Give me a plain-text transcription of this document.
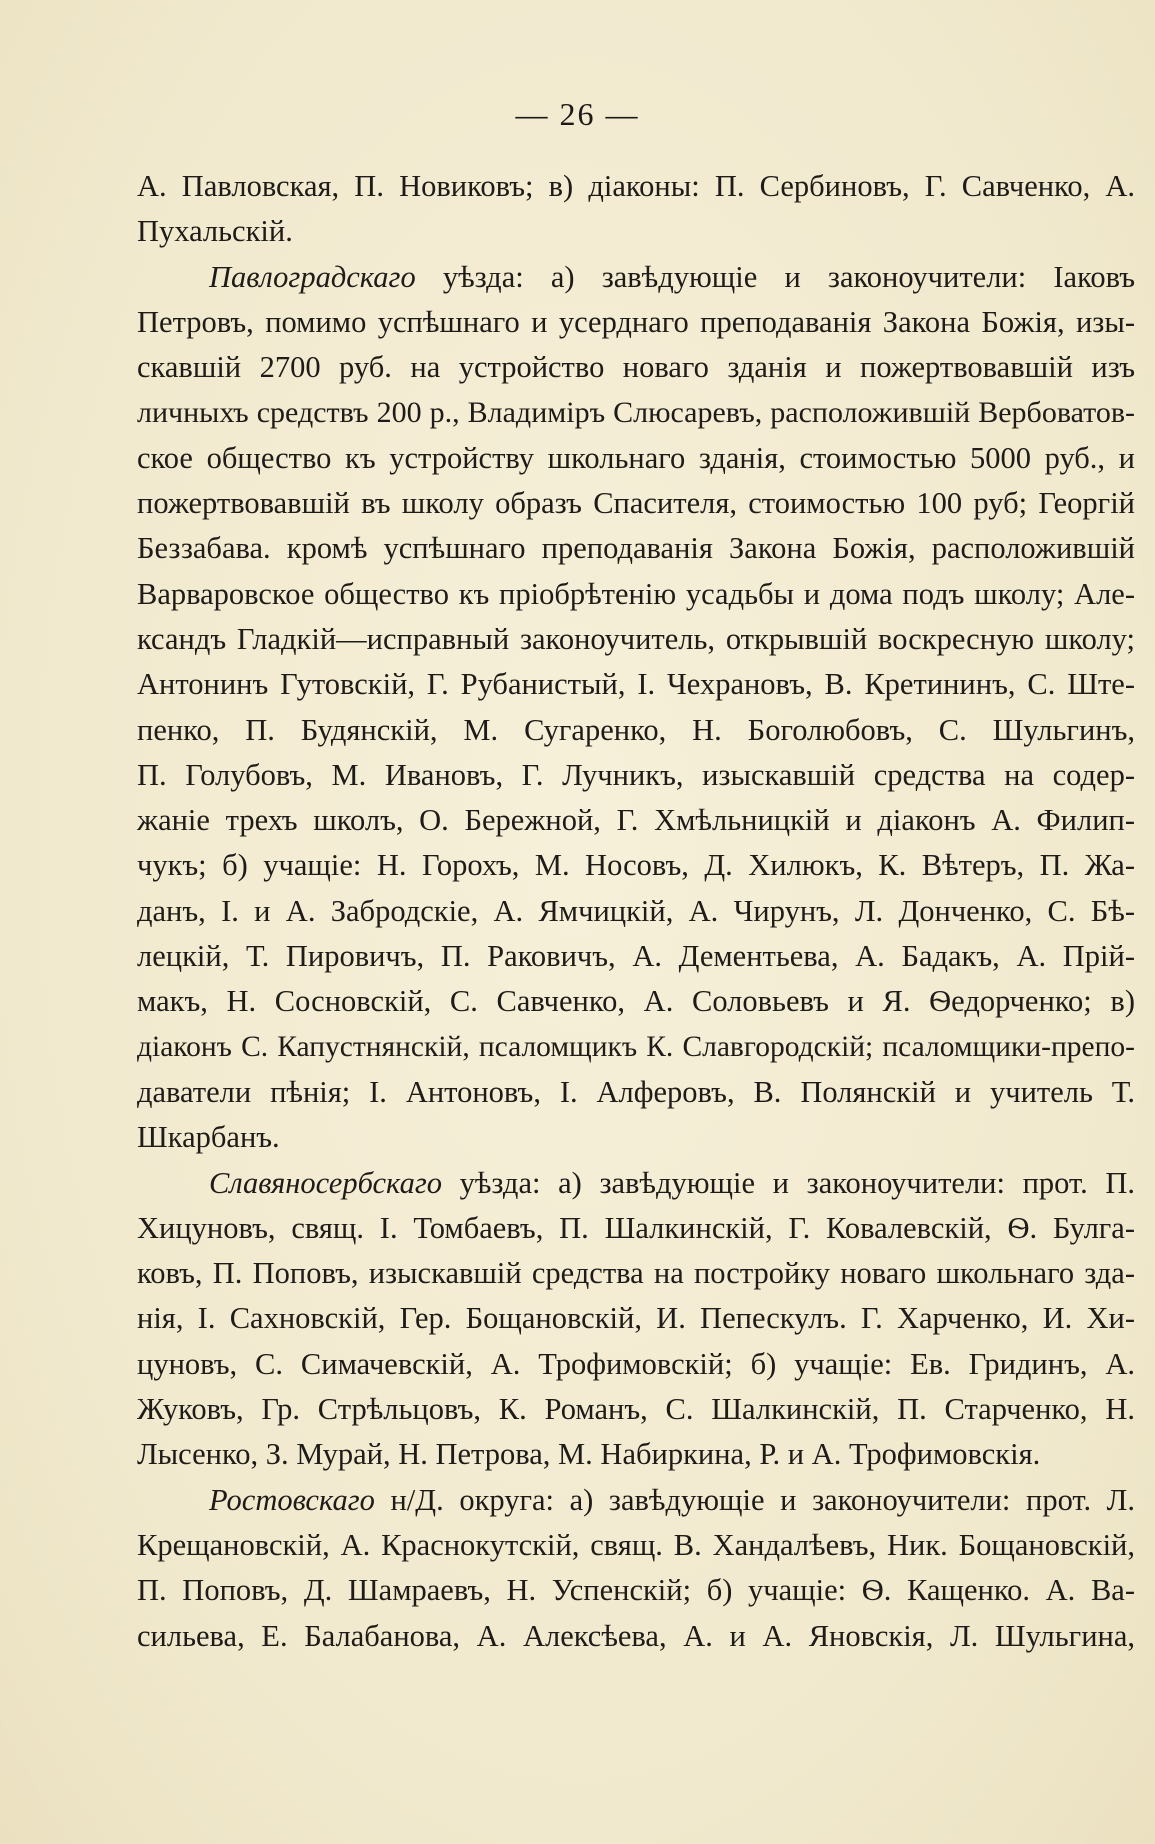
— 26 —
А. Павловская, П. Новиковъ; в) діаконы: П. Сербиновъ, Г. Савченко, А.
Пухальскій.
Павлоградскаго уѣзда: а) завѣдующіе и законоучители: Іаковъ
Петровъ, помимо успѣшнаго и усерднаго преподаванія Закона Божія, изы-
скавшій 2700 руб. на устройство новаго зданія и пожертвовавшій изъ
личныхъ средствъ 200 р., Владиміръ Слюсаревъ, расположившій Вербоватов-
ское общество къ устройству школьнаго зданія, стоимостью 5000 руб., и
пожертвовавшій въ школу образъ Спасителя, стоимостью 100 руб; Георгій
Беззабава. кромѣ успѣшнаго преподаванія Закона Божія, расположившій
Варваровское общество къ пріобрѣтенію усадьбы и дома подъ школу; Але-
ксандъ Гладкій—исправный законоучитель, открывшій воскресную школу;
Антонинъ Гутовскій, Г. Рубанистый, І. Чехрановъ, В. Кретининъ, С. Ште-
пенко, П. Будянскій, М. Сугаренко, Н. Боголюбовъ, С. Шульгинъ,
П. Голубовъ, М. Ивановъ, Г. Лучникъ, изыскавшій средства на содер-
жаніе трехъ школъ, О. Бережной, Г. Хмѣльницкій и діаконъ А. Филип-
чукъ; б) учащіе: Н. Горохъ, М. Носовъ, Д. Хилюкъ, К. Вѣтеръ, П. Жа-
данъ, І. и А. Забродскіе, А. Ямчицкій, А. Чирунъ, Л. Донченко, С. Бѣ-
лецкій, Т. Пировичъ, П. Раковичъ, А. Дементьева, А. Бадакъ, А. Прій-
макъ, Н. Сосновскій, С. Савченко, А. Соловьевъ и Я. Ѳедорченко; в)
діаконъ С. Капустнянскій, псаломщикъ К. Славгородскій; псаломщики-препо-
даватели пѣнія; І. Антоновъ, І. Алферовъ, В. Полянскій и учитель Т.
Шкарбанъ.
Славяносербскаго уѣзда: а) завѣдующіе и законоучители: прот. П.
Хицуновъ, свящ. І. Томбаевъ, П. Шалкинскій, Г. Ковалевскій, Ѳ. Булга-
ковъ, П. Поповъ, изыскавшій средства на постройку новаго школьнаго зда-
нія, І. Сахновскій, Гер. Бощановскій, И. Пепескулъ. Г. Харченко, И. Хи-
цуновъ, С. Симачевскій, А. Трофимовскій; б) учащіе: Ев. Гридинъ, А.
Жуковъ, Гр. Стрѣльцовъ, К. Романъ, С. Шалкинскій, П. Старченко, Н.
Лысенко, З. Мурай, Н. Петрова, М. Набиркина, Р. и А. Трофимовскія.
Ростовскаго н/Д. округа: а) завѣдующіе и законоучители: прот. Л.
Крещановскій, А. Краснокутскій, свящ. В. Хандалѣевъ, Ник. Бощановскій,
П. Поповъ, Д. Шамраевъ, Н. Успенскій; б) учащіе: Ѳ. Кащенко. А. Ва-
сильева, Е. Балабанова, А. Алексѣева, А. и А. Яновскія, Л. Шульгина,
